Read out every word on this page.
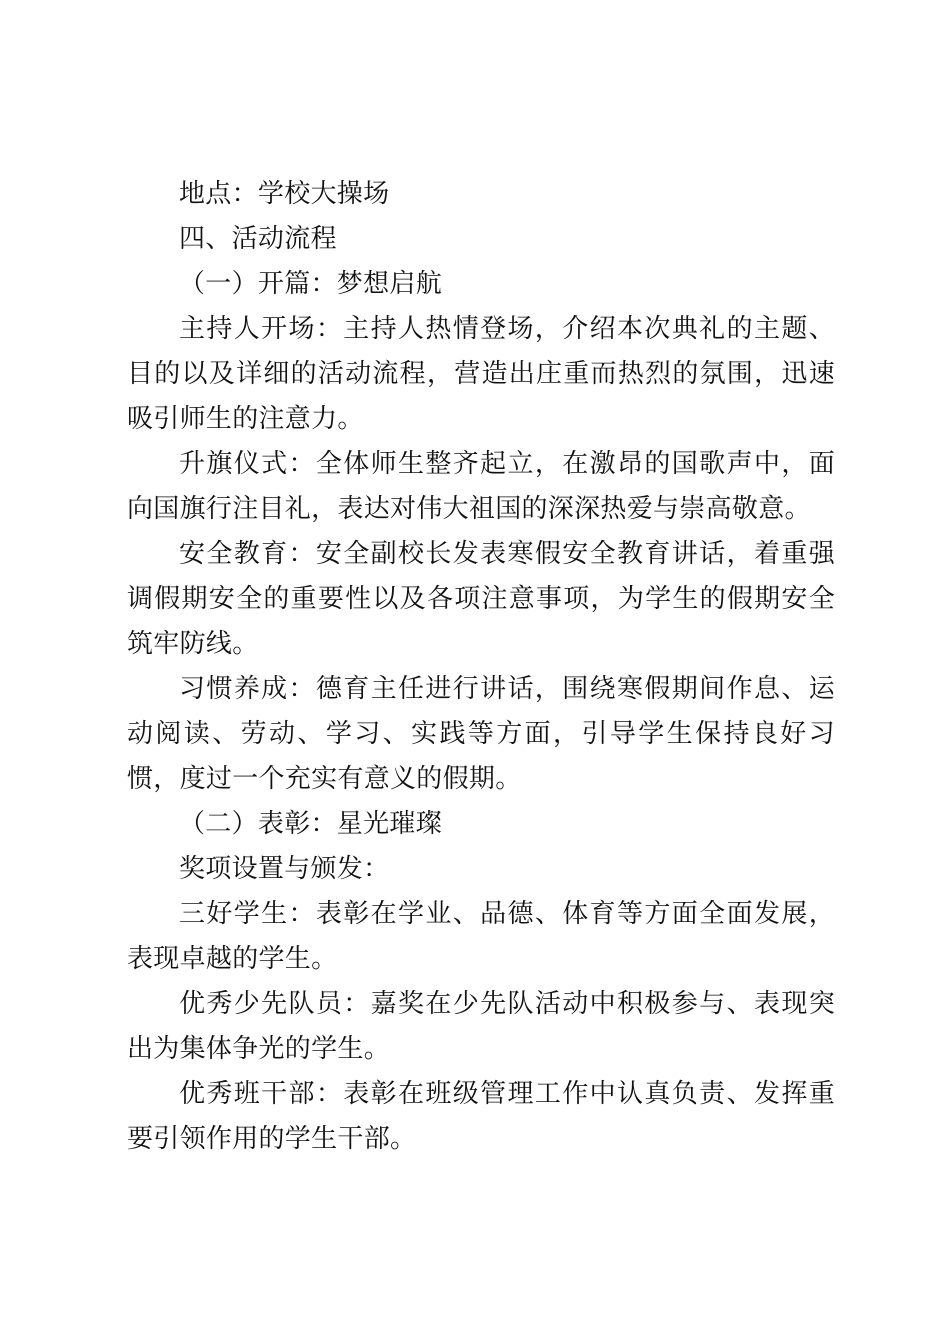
地点：学校大操场

四、活动流程

（一）开篇：梦想启航

主持人开场：主持人热情登场，介绍本次典礼的主题、目的以及详细的活动流程，营造出庄重而热烈的氛围，迅速吸引师生的注意力。

升旗仪式：全体师生整齐起立，在激昂的国歌声中，面向国旗行注目礼，表达对伟大祖国的深深热爱与崇高敬意。

安全教育：安全副校长发表寒假安全教育讲话，着重强调假期安全的重要性以及各项注意事项，为学生的假期安全筑牢防线。

习惯养成：德育主任进行讲话，围绕寒假期间作息、运动阅读、劳动、学习、实践等方面，引导学生保持良好习惯，度过一个充实有意义的假期。

（二）表彰：星光璀璨

奖项设置与颁发：

三好学生：表彰在学业、品德、体育等方面全面发展，表现卓越的学生。

优秀少先队员：嘉奖在少先队活动中积极参与、表现突出为集体争光的学生。

优秀班干部：表彰在班级管理工作中认真负责、发挥重要引领作用的学生干部。
